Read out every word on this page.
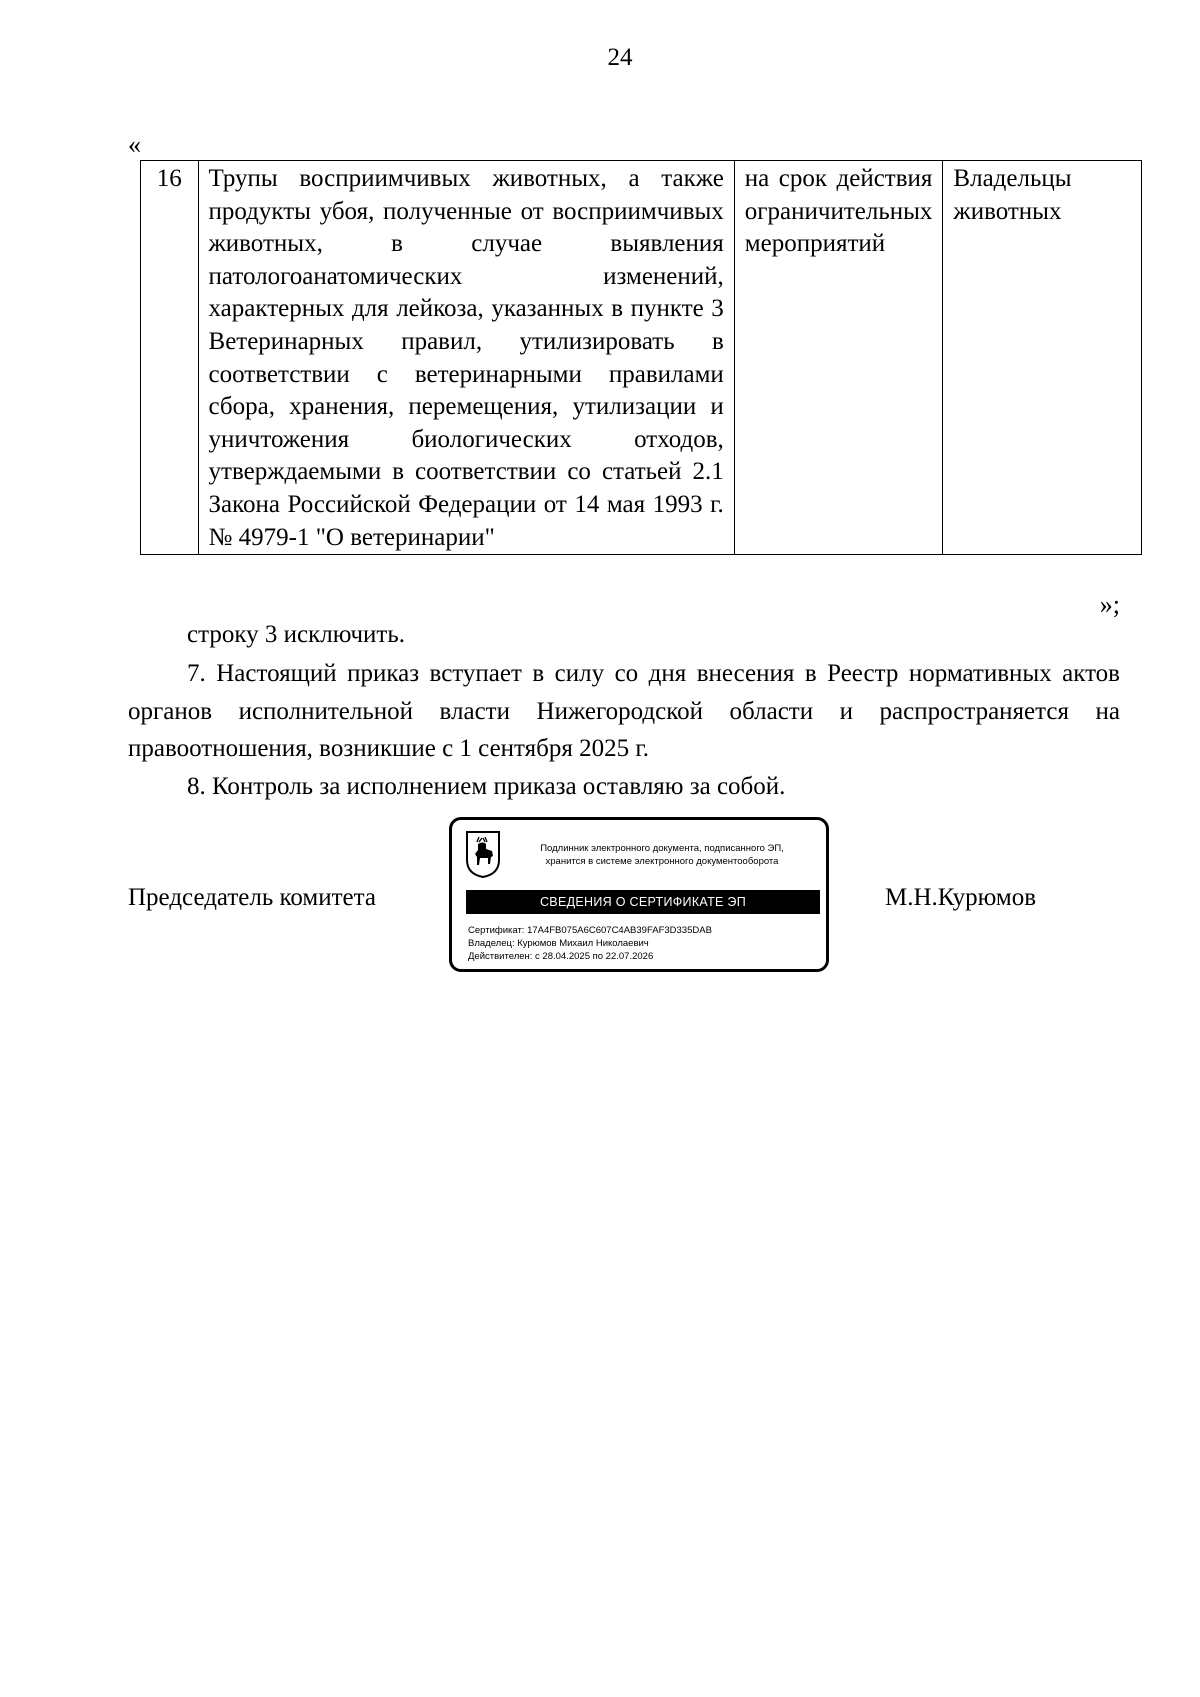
24
«
16	Трупы восприимчивых животных, а также продукты убоя, полученные от восприимчивых животных, в случае выявления патологоанатомических изменений, характерных для лейкоза, указанных в пункте 3 Ветеринарных правил, утилизировать в соответствии с ветеринарными правилами сбора, хранения, перемещения, утилизации и уничтожения биологических отходов, утверждаемыми в соответствии со статьей 2.1 Закона Российской Федерации от 14 мая 1993 г. № 4979-1 "О ветеринарии"	на срок действия ограничительных мероприятий	Владельцы животных
»;
строку 3 исключить.
7. Настоящий приказ вступает в силу со дня внесения в Реестр нормативных актов органов исполнительной власти Нижегородской области и распространяется на правоотношения, возникшие с 1 сентября 2025 г.
8. Контроль за исполнением приказа оставляю за собой.
Председатель комитета
Подлинник электронного документа, подписанного ЭП,
хранится в системе электронного документооборота
СВЕДЕНИЯ О СЕРТИФИКАТЕ ЭП
Сертификат: 17A4FB075A6C607C4AB39FAF3D335DAB
Владелец: Курюмов Михаил Николаевич
Действителен: с 28.04.2025 по 22.07.2026
М.Н.Курюмов
